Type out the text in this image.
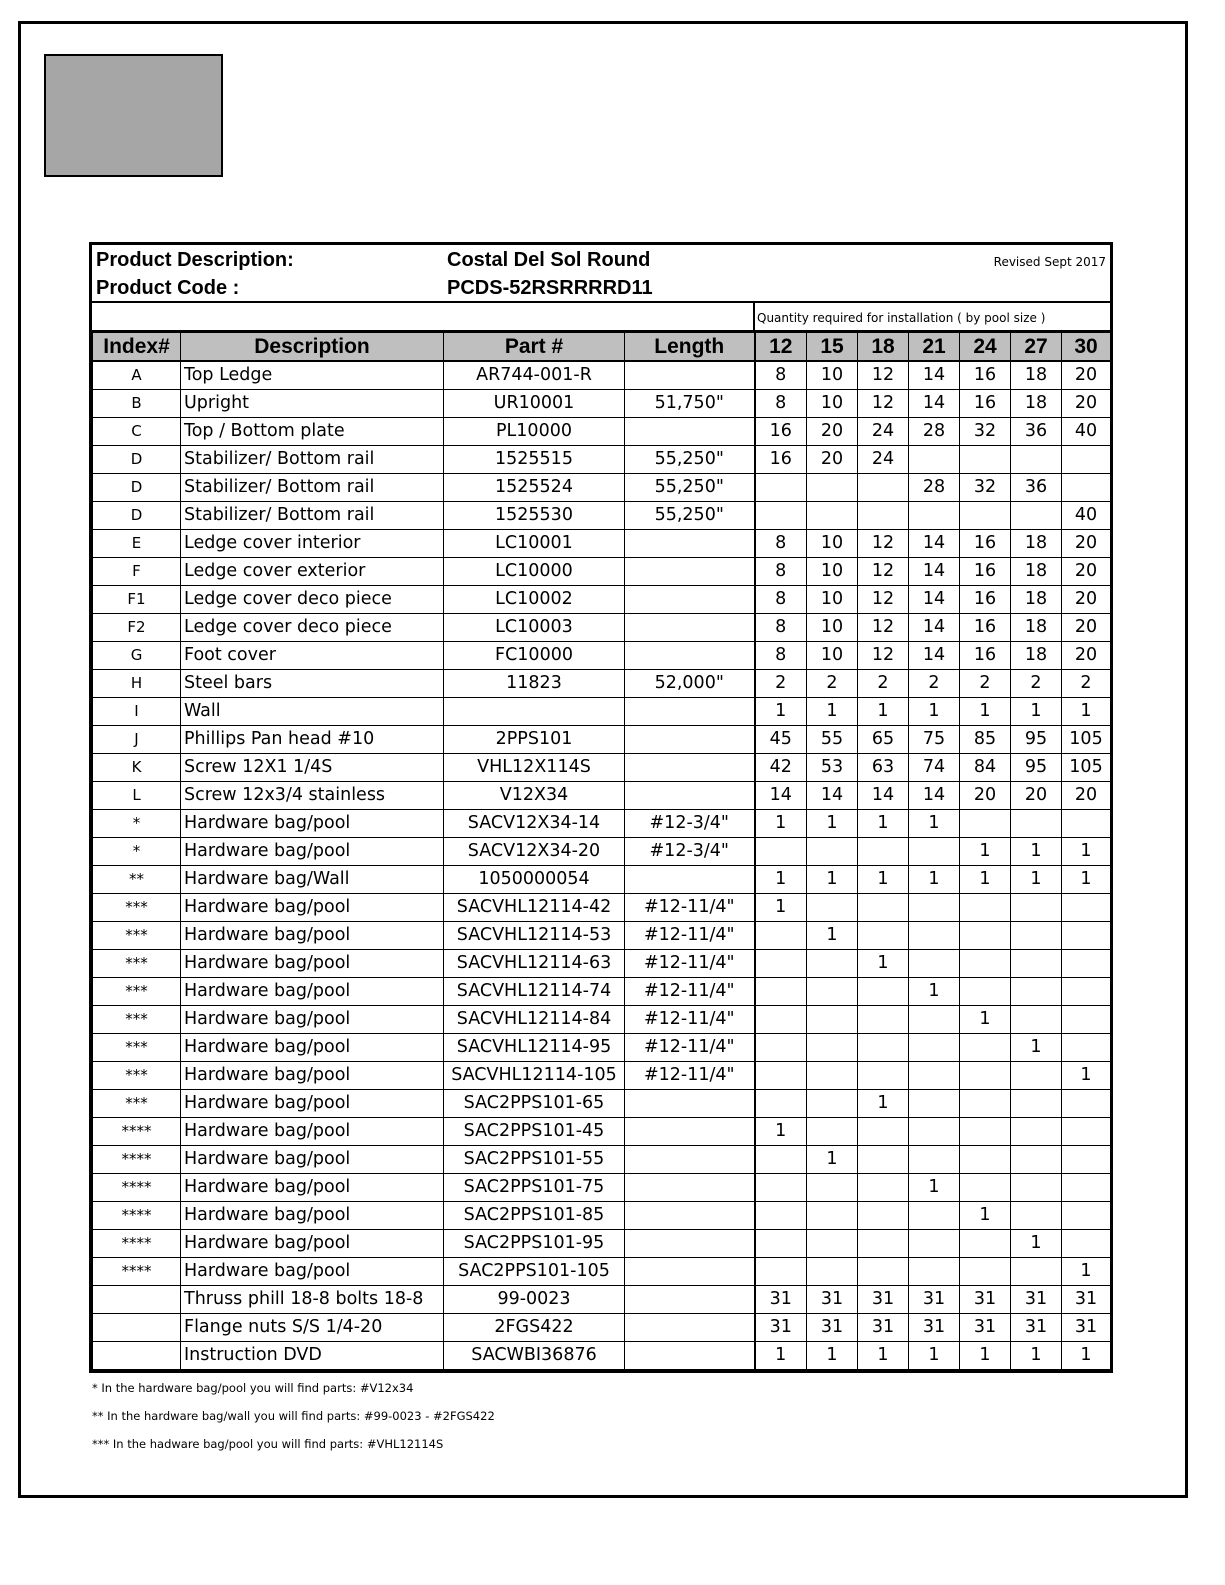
Product Description:	Costal Del Sol Round	Revised Sept 2017
Product Code :	PCDS-52RSRRRRD11
Quantity required for installation ( by pool size )
Index#	Description	Part #	Length	12	15	18	21	24	27	30
A	Top Ledge	AR744-001-R		8	10	12	14	16	18	20
B	Upright	UR10001	51,750"	8	10	12	14	16	18	20
C	Top / Bottom plate	PL10000		16	20	24	28	32	36	40
D	Stabilizer/ Bottom rail	1525515	55,250"	16	20	24				
D	Stabilizer/ Bottom rail	1525524	55,250"				28	32	36	
D	Stabilizer/ Bottom rail	1525530	55,250"							40
E	Ledge cover interior	LC10001		8	10	12	14	16	18	20
F	Ledge cover exterior	LC10000		8	10	12	14	16	18	20
F1	Ledge cover deco piece	LC10002		8	10	12	14	16	18	20
F2	Ledge cover deco piece	LC10003		8	10	12	14	16	18	20
G	Foot cover	FC10000		8	10	12	14	16	18	20
H	Steel bars	11823	52,000"	2	2	2	2	2	2	2
I	Wall			1	1	1	1	1	1	1
J	Phillips Pan head #10	2PPS101		45	55	65	75	85	95	105
K	Screw 12X1 1/4S	VHL12X114S		42	53	63	74	84	95	105
L	Screw 12x3/4 stainless	V12X34		14	14	14	14	20	20	20
*	Hardware bag/pool	SACV12X34-14	#12-3/4"	1	1	1	1			
*	Hardware bag/pool	SACV12X34-20	#12-3/4"					1	1	1
**	Hardware bag/Wall	1050000054		1	1	1	1	1	1	1
***	Hardware bag/pool	SACVHL12114-42	#12-11/4"	1						
***	Hardware bag/pool	SACVHL12114-53	#12-11/4"		1					
***	Hardware bag/pool	SACVHL12114-63	#12-11/4"			1				
***	Hardware bag/pool	SACVHL12114-74	#12-11/4"				1			
***	Hardware bag/pool	SACVHL12114-84	#12-11/4"					1		
***	Hardware bag/pool	SACVHL12114-95	#12-11/4"						1	
***	Hardware bag/pool	SACVHL12114-105	#12-11/4"							1
***	Hardware bag/pool	SAC2PPS101-65				1				
****	Hardware bag/pool	SAC2PPS101-45		1						
****	Hardware bag/pool	SAC2PPS101-55			1					
****	Hardware bag/pool	SAC2PPS101-75					1			
****	Hardware bag/pool	SAC2PPS101-85						1		
****	Hardware bag/pool	SAC2PPS101-95							1	
****	Hardware bag/pool	SAC2PPS101-105								1
	Thruss phill 18-8 bolts 18-8	99-0023		31	31	31	31	31	31	31
	Flange nuts S/S 1/4-20	2FGS422		31	31	31	31	31	31	31
	Instruction DVD	SACWBI36876		1	1	1	1	1	1	1
* In the hardware bag/pool you will find parts: #V12x34
** In the hardware bag/wall you will find parts: #99-0023 - #2FGS422
*** In the hadware bag/pool you will find parts: #VHL12114S
